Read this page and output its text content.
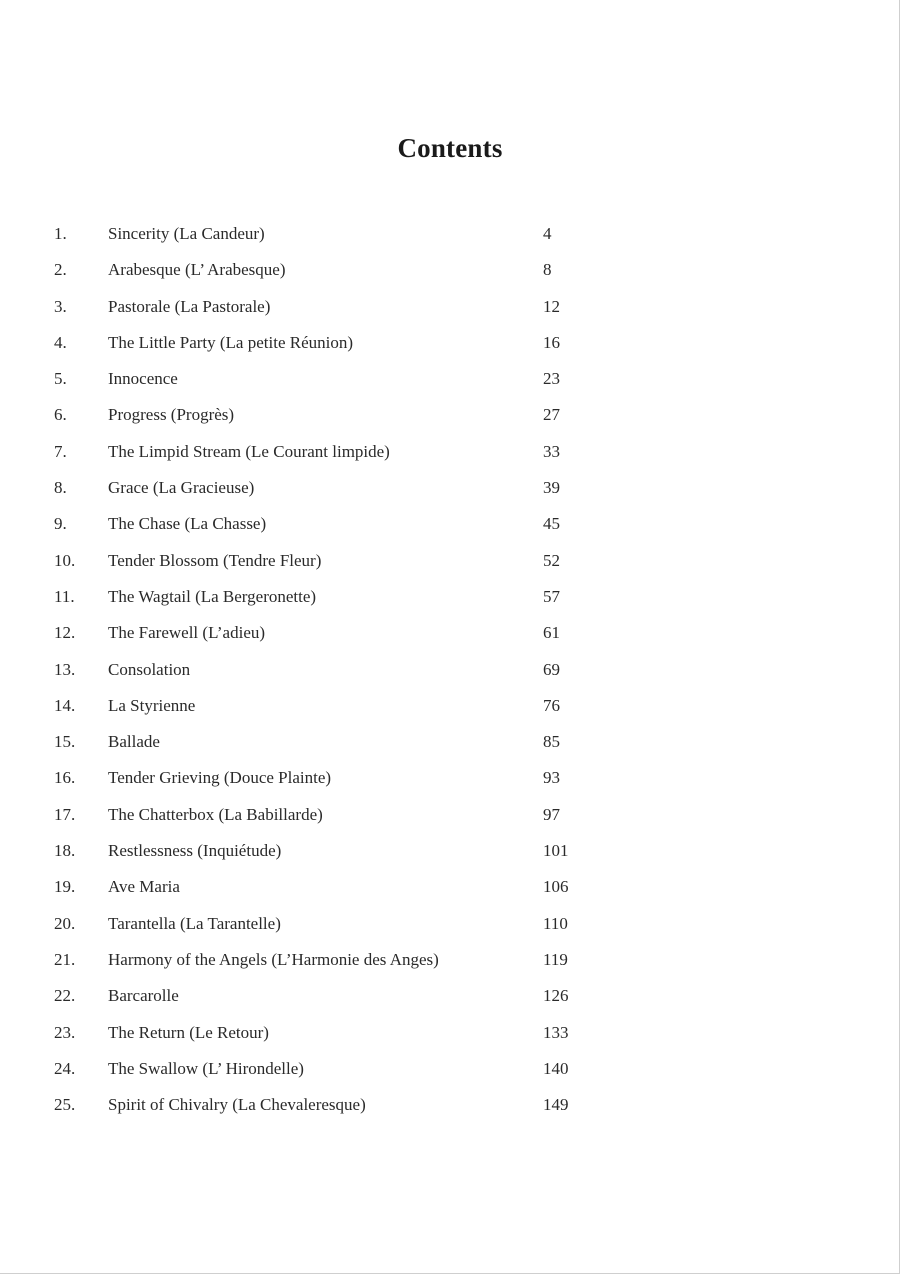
Contents
1. Sincerity (La Candeur)	4
2. Arabesque (L’ Arabesque)	8
3. Pastorale (La Pastorale)	12
4. The Little Party (La petite Réunion)	16
5. Innocence	23
6. Progress (Progrès)	27
7. The Limpid Stream (Le Courant limpide)	33
8. Grace (La Gracieuse)	39
9. The Chase (La Chasse)	45
10. Tender Blossom (Tendre Fleur)	52
11. The Wagtail (La Bergeronette)	57
12. The Farewell (L’adieu)	61
13. Consolation	69
14. La Styrienne	76
15. Ballade	85
16. Tender Grieving (Douce Plainte)	93
17. The Chatterbox (La Babillarde)	97
18. Restlessness (Inquiétude)	101
19. Ave Maria	106
20. Tarantella (La Tarantelle)	110
21. Harmony of the Angels (L’Harmonie des Anges)	119
22. Barcarolle	126
23. The Return (Le Retour)	133
24. The Swallow (L’ Hirondelle)	140
25. Spirit of Chivalry (La Chevaleresque)	149
